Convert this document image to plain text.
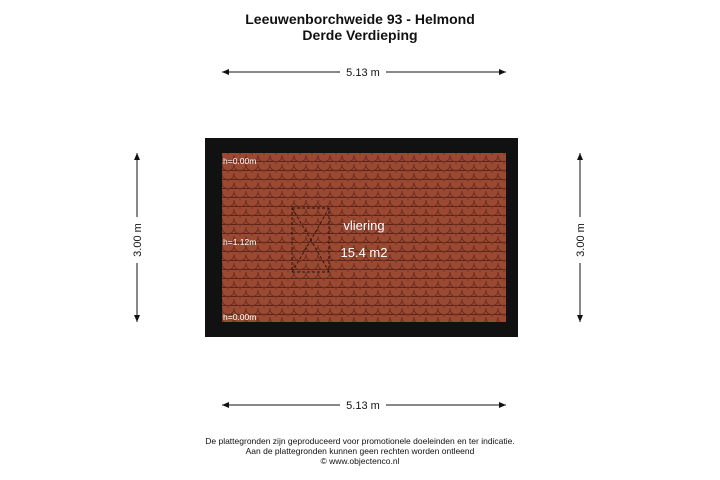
Leeuwenborchweide 93 - Helmond
Derde Verdieping
5.13 m
5.13 m
3.00 m	3.00 m
vliering
15.4 m2
h=0.00m
h=1.12m
h=0.00m
De plattegronden zijn geproduceerd voor promotionele doeleinden en ter indicatie.
Aan de plattegronden kunnen geen rechten worden ontleend
© www.objectenco.nl
